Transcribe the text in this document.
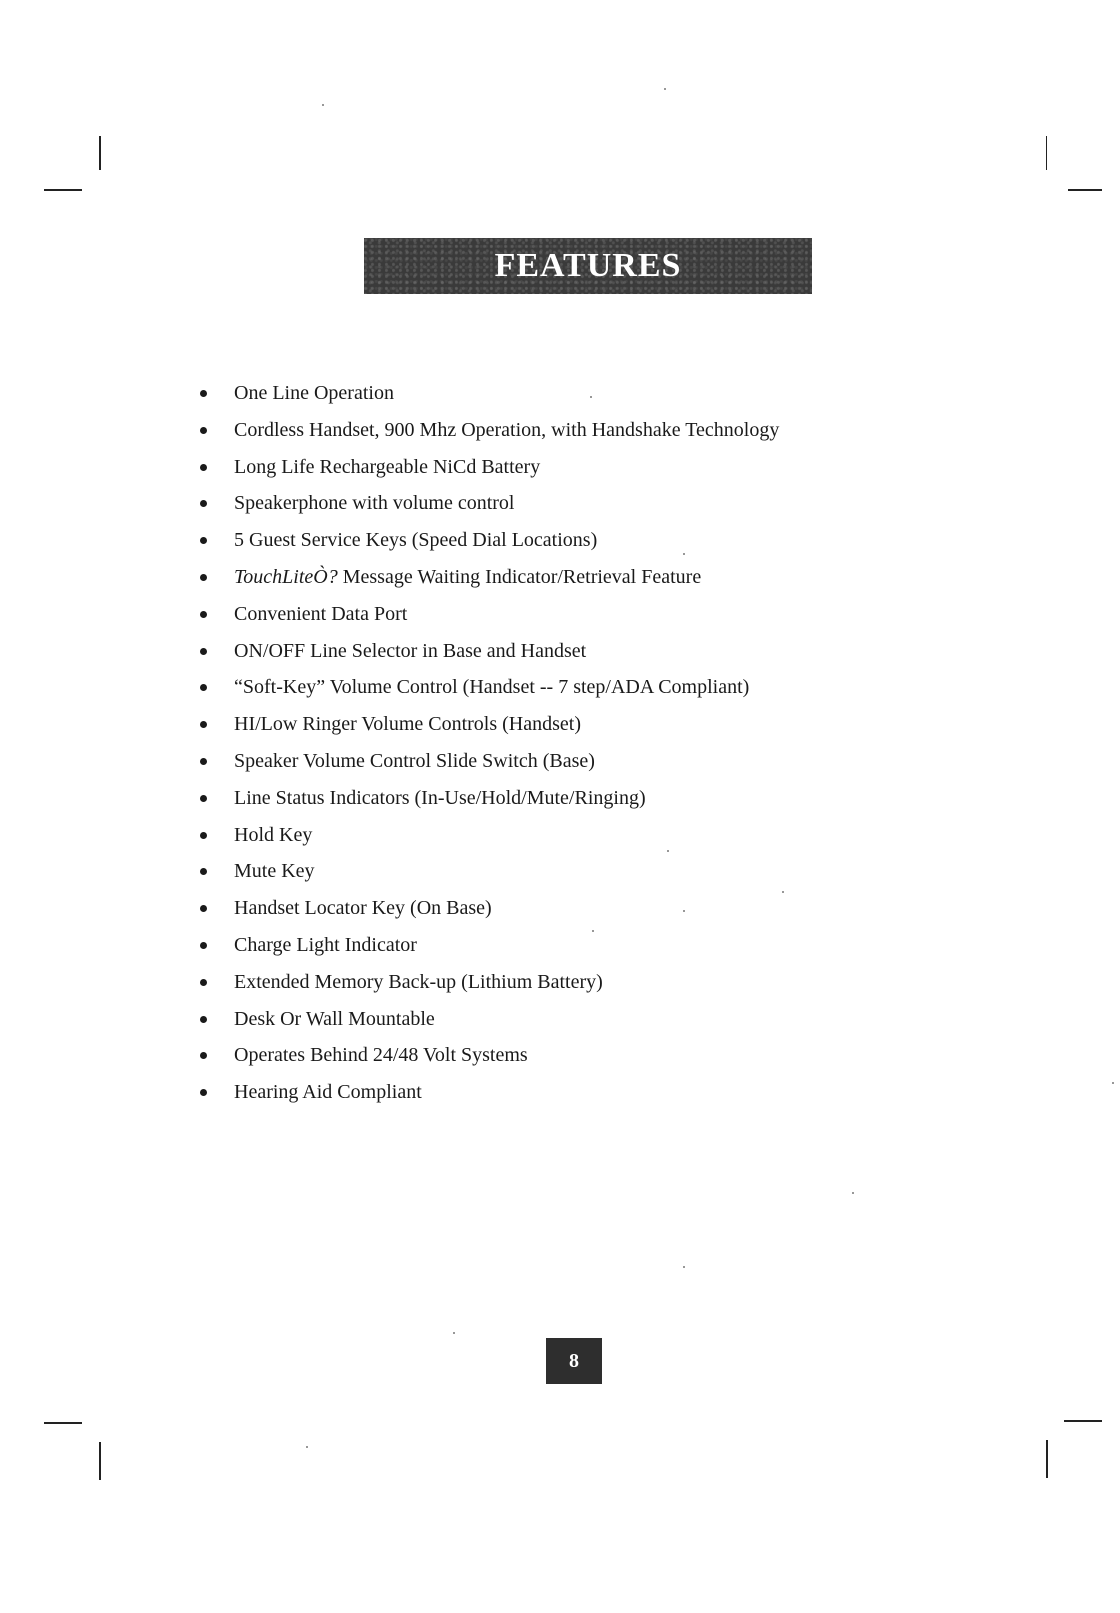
FEATURES
One Line Operation
Cordless Handset, 900 Mhz Operation, with Handshake Technology
Long Life Rechargeable NiCd Battery
Speakerphone with volume control
5 Guest Service Keys (Speed Dial Locations)
TouchLiteÒ? Message Waiting Indicator/Retrieval Feature
Convenient Data Port
ON/OFF Line Selector in Base and Handset
“Soft-Key” Volume Control (Handset -- 7 step/ADA Compliant)
HI/Low Ringer Volume Controls (Handset)
Speaker Volume Control Slide Switch (Base)
Line Status Indicators (In-Use/Hold/Mute/Ringing)
Hold Key
Mute Key
Handset Locator Key (On Base)
Charge Light Indicator
Extended Memory Back-up (Lithium Battery)
Desk Or Wall Mountable
Operates Behind 24/48 Volt Systems
Hearing Aid Compliant
8
